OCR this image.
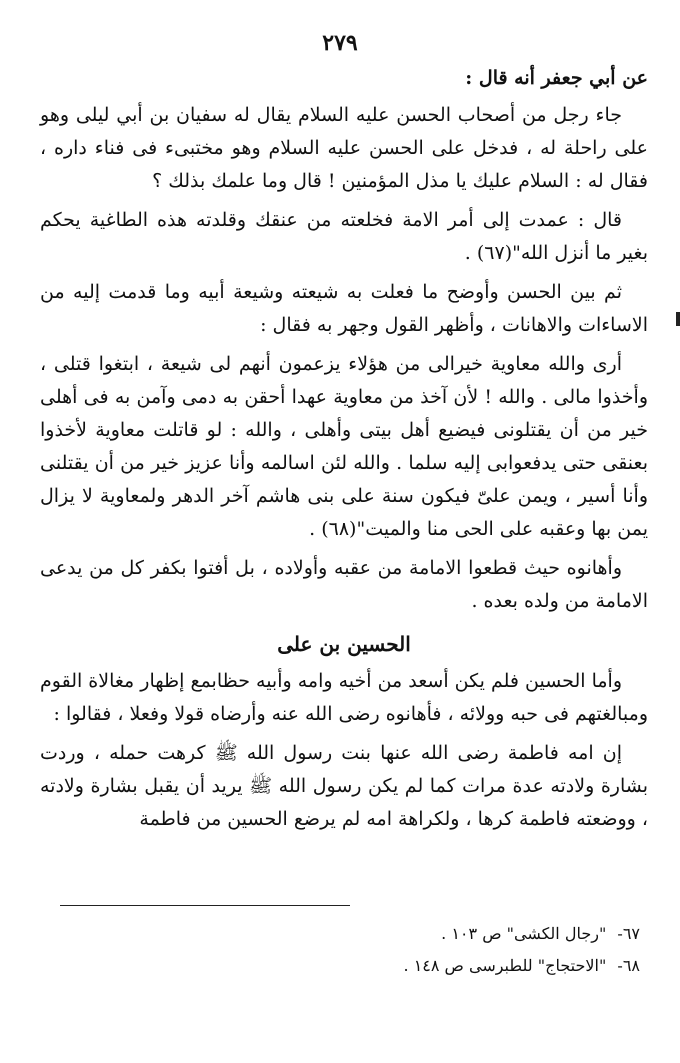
٢٧٩

عن أبي جعفر أنه قال :

جاء رجل من أصحاب الحسن عليه السلام يقال له سفيان بن أبي ليلى وهو على راحلة له ، فدخل على الحسن عليه السلام وهو مختبىء فى فناء داره ، فقال له : السلام عليك يا مذل المؤمنين ! قال وما علمك بذلك ؟

قال : عمدت إلى أمر الامة فخلعته من عنقك وقلدته هذه الطاغية يحكم بغير ما أنزل الله"(٦٧) .

ثم بين الحسن وأوضح ما فعلت به شيعته وشيعة أبيه وما قدمت إليه من الاساءات والاهانات ، وأظهر القول وجهر به فقال :

أرى والله معاوية خيرالى من هؤلاء يزعمون أنهم لى شيعة ، ابتغوا قتلى ، وأخذوا مالى . والله ! لأن آخذ من معاوية عهدا أحقن به دمى وآمن به فى أهلى خير من أن يقتلونى فيضيع أهل بيتى وأهلى ، والله : لو قاتلت معاوية لأخذوا بعنقى حتى يدفعوابى إليه سلما . والله لئن اسالمه وأنا عزيز خير من أن يقتلنى وأنا أسير ، ويمن علىّ فيكون سنة على بنى هاشم آخر الدهر ولمعاوية لا يزال يمن بها وعقبه على الحى منا والميت"(٦٨) .

وأهانوه حيث قطعوا الامامة من عقبه وأولاده ، بل أفتوا بكفر كل من يدعى الامامة من ولده بعده .

الحسين بن على

وأما الحسين فلم يكن أسعد من أخيه وامه وأبيه حظابمع إظهار مغالاة القوم ومبالغتهم فى حبه وولائه ، فأهانوه رضى الله عنه وأرضاه قولا وفعلا ، فقالوا :

إن امه فاطمة رضى الله عنها بنت رسول الله ﷺ كرهت حمله ، وردت بشارة ولادته عدة مرات كما لم يكن رسول الله ﷺ يريد أن يقبل بشارة ولادته ، ووضعته فاطمة كرها ، ولكراهة امه لم يرضع الحسين من فاطمة

٦٧- "رجال الكشى" ص ١٠٣ .
٦٨- "الاحتجاج" للطبرسى ص ١٤٨ .
